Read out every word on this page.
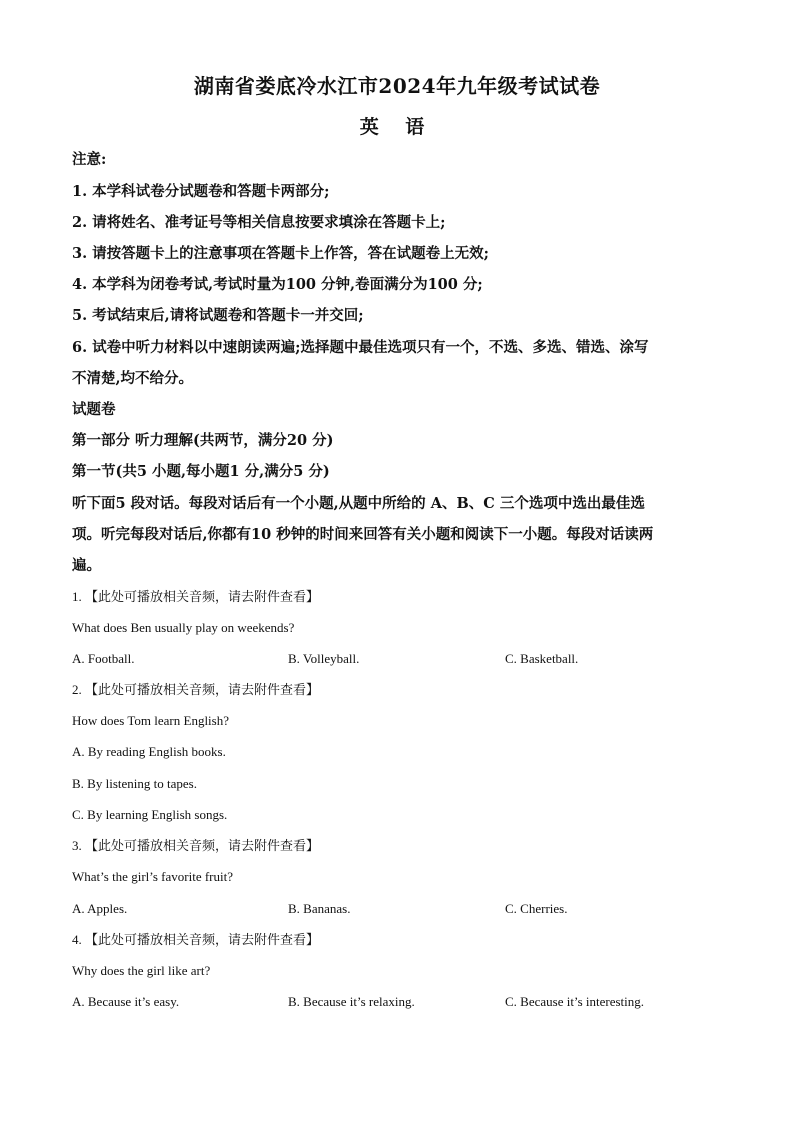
湖南省娄底冷水江市2024年九年级考试试卷
英 语
注意:
1. 本学科试卷分试题卷和答题卡两部分;
2. 请将姓名、准考证号等相关信息按要求填涂在答题卡上;
3. 请按答题卡上的注意事项在答题卡上作答，答在试题卷上无效;
4. 本学科为闭卷考试,考试时量为100 分钟,卷面满分为100 分;
5. 考试结束后,请将试题卷和答题卡一并交回;
6. 试卷中听力材料以中速朗读两遍;选择题中最佳选项只有一个，不选、多选、错选、涂写
不清楚,均不给分。
试题卷
第一部分 听力理解(共两节，满分20 分)
第一节(共5 小题,每小题1 分,满分5 分)
听下面5 段对话。每段对话后有一个小题,从题中所给的 A、B、C 三个选项中选出最佳选
项。听完每段对话后,你都有10 秒钟的时间来回答有关小题和阅读下一小题。每段对话读两
遍。
1. 【此处可播放相关音频，请去附件查看】
What does Ben usually play on weekends?
A. Football.	B. Volleyball.	C. Basketball.
2. 【此处可播放相关音频，请去附件查看】
How does Tom learn English?
A. By reading English books.
B. By listening to tapes.
C. By learning English songs.
3. 【此处可播放相关音频，请去附件查看】
What’s the girl’s favorite fruit?
A. Apples.	B. Bananas.	C. Cherries.
4. 【此处可播放相关音频，请去附件查看】
Why does the girl like art?
A. Because it’s easy.	B. Because it’s relaxing.	C. Because it’s interesting.
